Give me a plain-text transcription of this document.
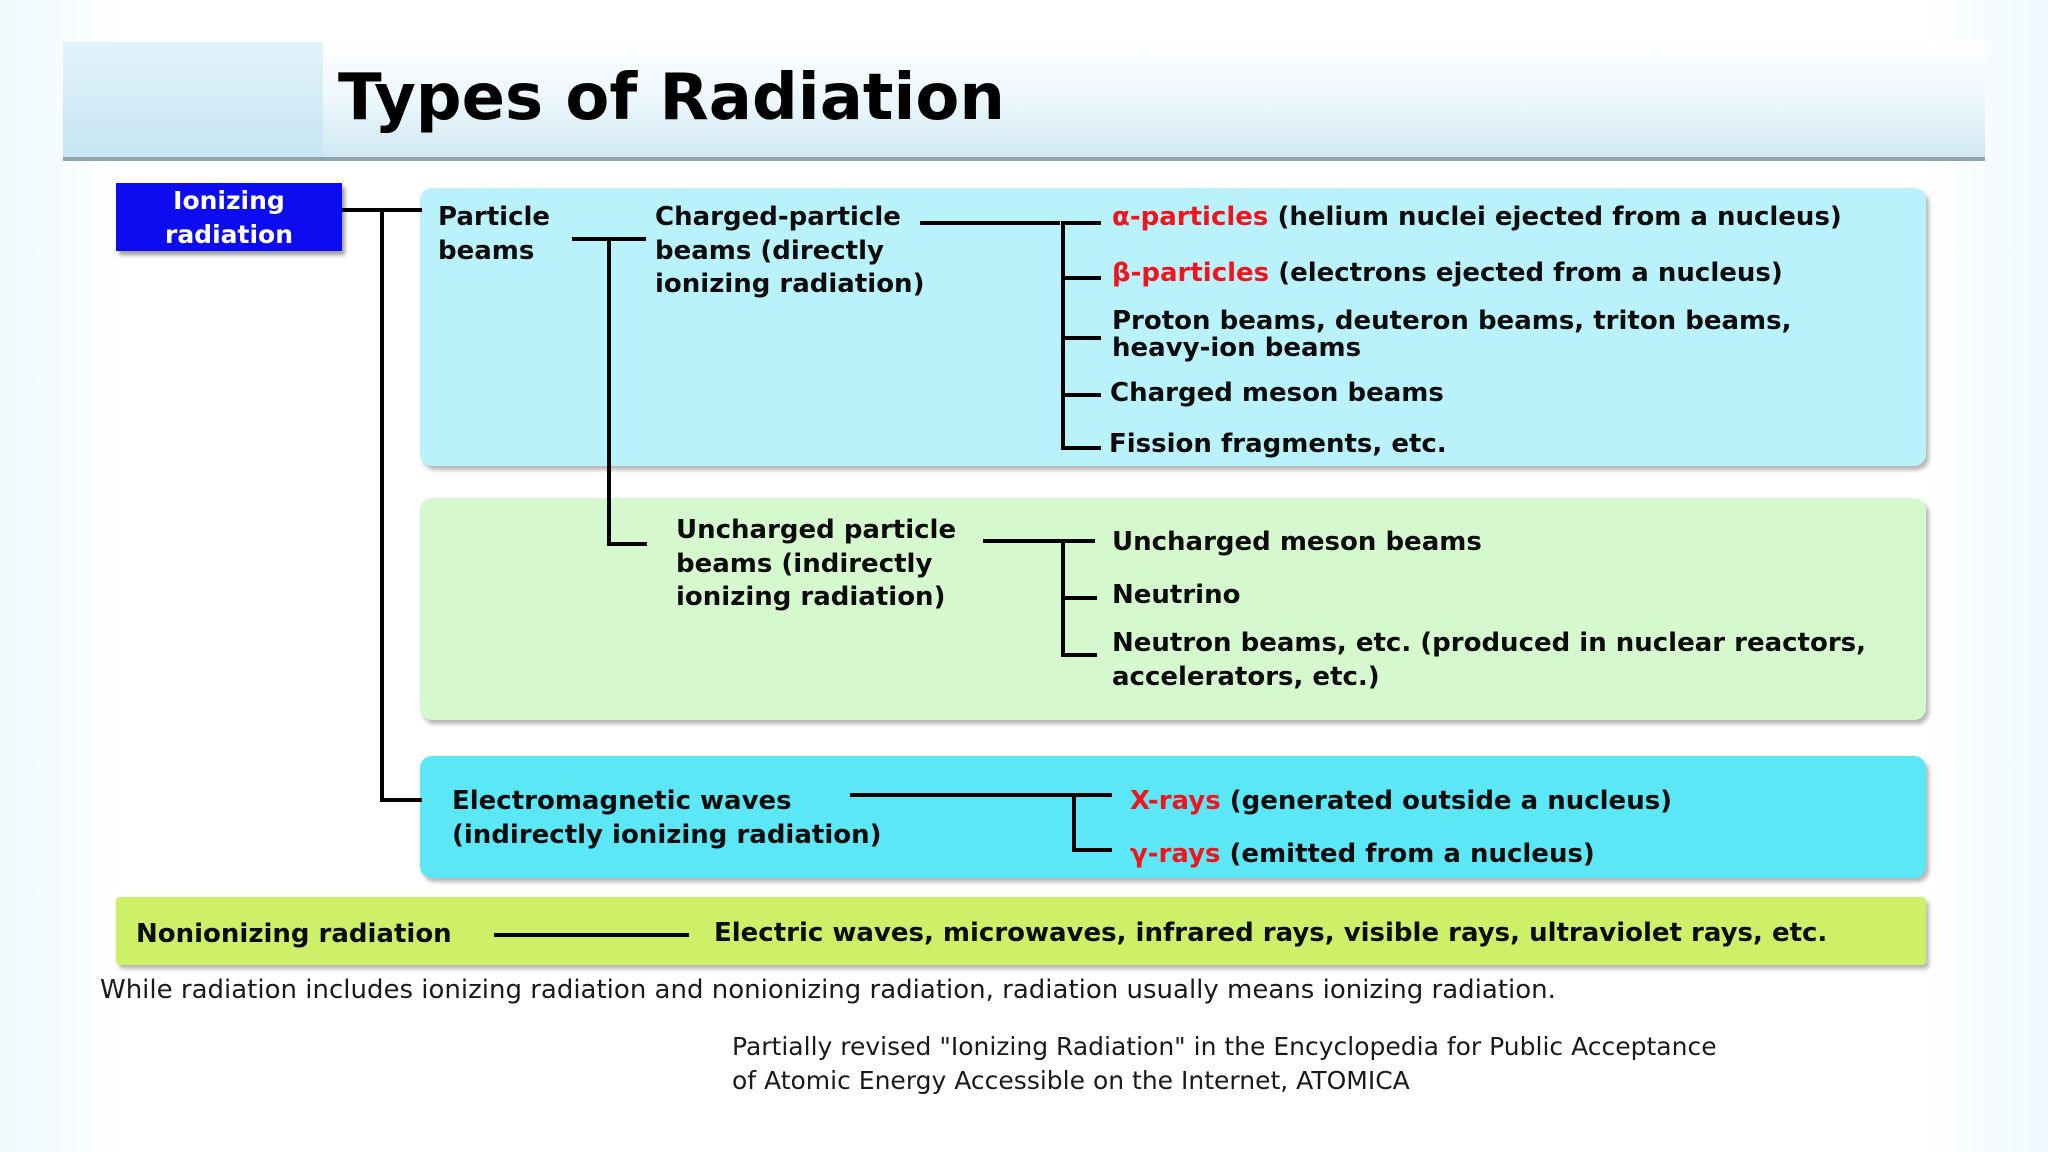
Types of Radiation
Ionizing
radiation
Particle
beams
Charged-particle
beams (directly
ionizing radiation)
α-particles (helium nuclei ejected from a nucleus)
β-particles (electrons ejected from a nucleus)
Proton beams, deuteron beams, triton beams,
heavy-ion beams
Charged meson beams
Fission fragments, etc.
Uncharged particle
beams (indirectly
ionizing radiation)
Uncharged meson beams
Neutrino
Neutron beams, etc. (produced in nuclear reactors,
accelerators, etc.)
Electromagnetic waves
(indirectly ionizing radiation)
X-rays (generated outside a nucleus)
γ-rays (emitted from a nucleus)
Nonionizing radiation	Electric waves, microwaves, infrared rays, visible rays, ultraviolet rays, etc.
While radiation includes ionizing radiation and nonionizing radiation, radiation usually means ionizing radiation.
Partially revised "Ionizing Radiation" in the Encyclopedia for Public Acceptance
of Atomic Energy Accessible on the Internet, ATOMICA
